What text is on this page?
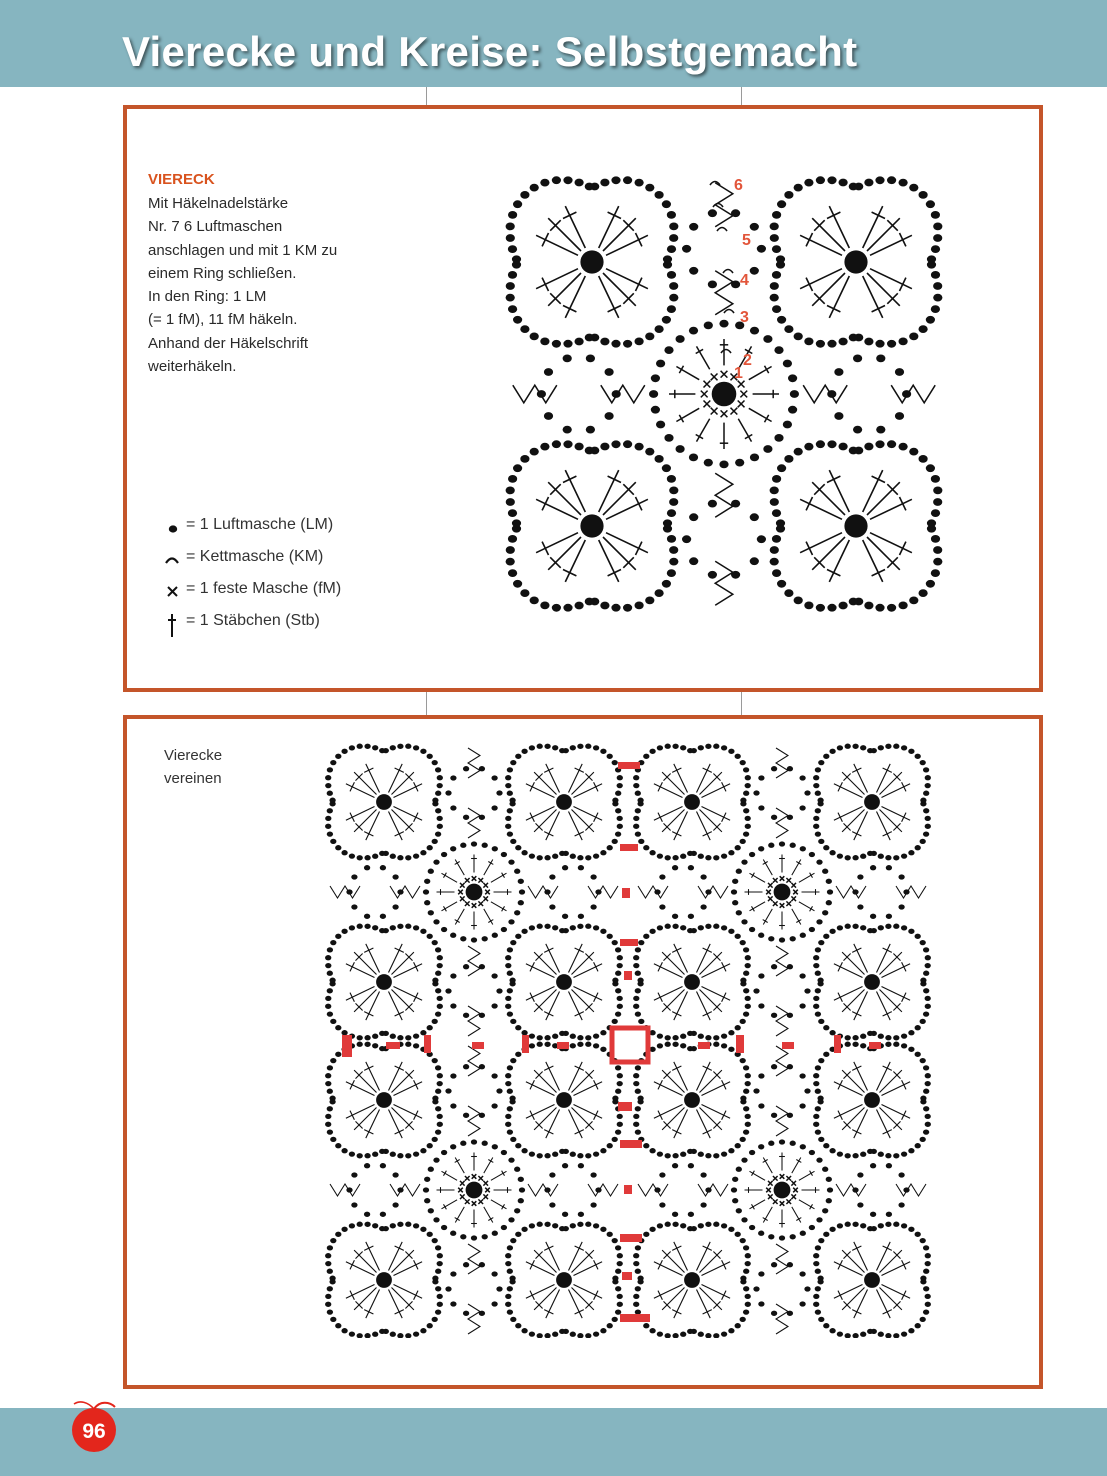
Vierecke und Kreise: Selbstgemacht
VIERECK

Mit Häkelnadelstärke
Nr. 7 6 Luftmaschen
anschlagen und mit 1 KM zu
einem Ring schließen.
In den Ring: 1 LM
(= 1 fM), 11 fM häkeln.
Anhand der Häkelschrift
weiterhäkeln.

= 1 Luftmasche (LM)
= Kettmasche (KM)
= 1 feste Masche (fM)
= 1 Stäbchen (Stb)
6
5
4
3
2
1
Vierecke
vereinen
96
